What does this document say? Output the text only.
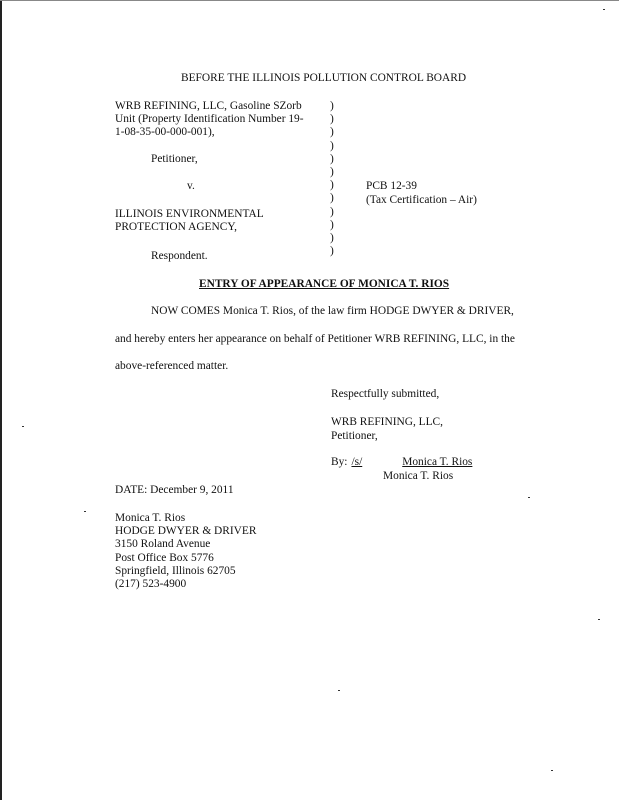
BEFORE THE ILLINOIS POLLUTION CONTROL BOARD
WRB REFINING, LLC, Gasoline SZorb
Unit (Property Identification Number 19-
1-08-35-00-000-001),
Petitioner,
v.
ILLINOIS ENVIRONMENTAL
PROTECTION AGENCY,
Respondent.
)
)
)
)
)
)
)
)
)
)
)
)
PCB 12-39
(Tax Certification – Air)
ENTRY OF APPEARANCE OF MONICA T. RIOS
NOW COMES Monica T. Rios, of the law firm HODGE DWYER & DRIVER,
and hereby enters her appearance on behalf of Petitioner WRB REFINING, LLC, in the
above-referenced matter.
Respectfully submitted,
WRB REFINING, LLC,
Petitioner,
By: /s/	Monica T. Rios
Monica T. Rios
DATE: December 9, 2011
Monica T. Rios
HODGE DWYER & DRIVER
3150 Roland Avenue
Post Office Box 5776
Springfield, Illinois 62705
(217) 523-4900
